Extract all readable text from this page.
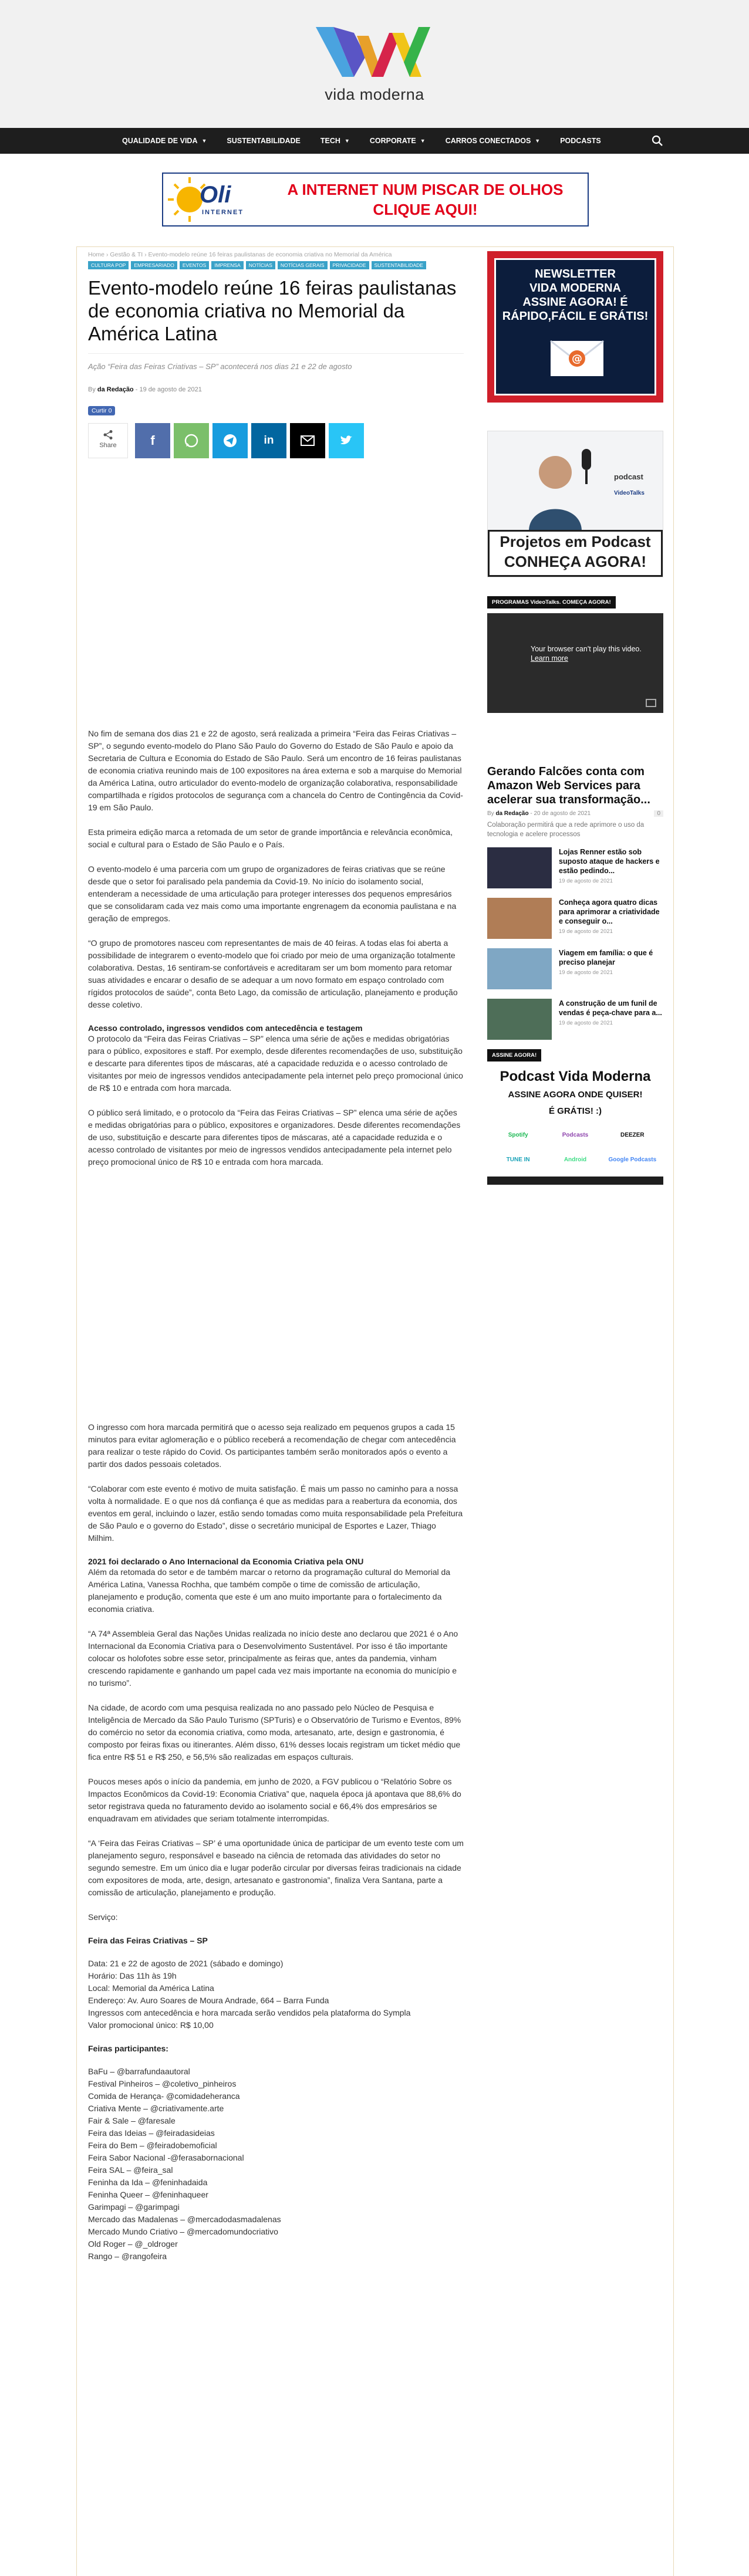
vida moderna
QUALIDADE DE VIDA ▼	SUSTENTABILIDADE	TECH ▼	CORPORATE ▼	CARROS CONECTADOS ▼	PODCASTS
Oli
INTERNET
A INTERNET NUM PISCAR DE OLHOS
CLIQUE AQUI!
Home › Gestão & TI › Evento-modelo reúne 16 feiras paulistanas de economia criativa no Memorial da América
CULTURA POP	EMPRESARIADO	EVENTOS	IMPRENSA	NOTÍCIAS	NOTÍCIAS GERAIS	PRIVACIDADE	SUSTENTABILIDADE
Evento-modelo reúne 16 feiras paulistanas de economia criativa no Memorial da América Latina
Ação “Feira das Feiras Criativas – SP” acontecerá nos dias 21 e 22 de agosto
By da Redação - 19 de agosto de 2021
Curtir 0
Share	f	in

No fim de semana dos dias 21 e 22 de agosto, será realizada a primeira “Feira das Feiras Criativas – SP”, o segundo evento-modelo do Plano São Paulo do Governo do Estado de São Paulo e apoio da Secretaria de Cultura e Economia do Estado de São Paulo. Será um encontro de 16 feiras paulistanas de economia criativa reunindo mais de 100 expositores na área externa e sob a marquise do Memorial da América Latina, outro articulador do evento-modelo de organização colaborativa, responsabilidade compartilhada e rígidos protocolos de segurança com a chancela do Centro de Contingência da Covid-19 em São Paulo.

Esta primeira edição marca a retomada de um setor de grande importância e relevância econômica, social e cultural para o Estado de São Paulo e o País.

O evento-modelo é uma parceria com um grupo de organizadores de feiras criativas que se reúne desde que o setor foi paralisado pela pandemia da Covid-19. No início do isolamento social, entenderam a necessidade de uma articulação para proteger interesses dos pequenos empresários que se consolidaram cada vez mais como uma importante engrenagem da economia paulistana e na geração de empregos.

“O grupo de promotores nasceu com representantes de mais de 40 feiras. A todas elas foi aberta a possibilidade de integrarem o evento-modelo que foi criado por meio de uma organização totalmente colaborativa. Destas, 16 sentiram-se confortáveis e acreditaram ser um bom momento para retomar suas atividades e encarar o desafio de se adequar a um novo formato em espaço controlado com rígidos protocolos de saúde”, conta Beto Lago, da comissão de articulação, planejamento e produção desse coletivo.

Acesso controlado, ingressos vendidos com antecedência e testagem

O protocolo da “Feira das Feiras Criativas – SP” elenca uma série de ações e medidas obrigatórias para o público, expositores e staff. Por exemplo, desde diferentes recomendações de uso, substituição e descarte para diferentes tipos de máscaras, até a capacidade reduzida e o acesso controlado de visitantes por meio de ingressos vendidos antecipadamente pela internet pelo preço promocional único de R$ 10 e entrada com hora marcada.

O público será limitado, e o protocolo da “Feira das Feiras Criativas – SP” elenca uma série de ações e medidas obrigatórias para o público, expositores e organizadores. Desde diferentes recomendações de uso, substituição e descarte para diferentes tipos de máscaras, até a capacidade reduzida e o acesso controlado de visitantes por meio de ingressos vendidos antecipadamente pela internet pelo preço promocional único de R$ 10 e entrada com hora marcada.

O ingresso com hora marcada permitirá que o acesso seja realizado em pequenos grupos a cada 15 minutos para evitar aglomeração e o público receberá a recomendação de chegar com antecedência para realizar o teste rápido do Covid. Os participantes também serão monitorados após o evento a partir dos dados pessoais coletados.

“Colaborar com este evento é motivo de muita satisfação. É mais um passo no caminho para a nossa volta à normalidade. E o que nos dá confiança é que as medidas para a reabertura da economia, dos eventos em geral, incluindo o lazer, estão sendo tomadas como muita responsabilidade pela Prefeitura de São Paulo e o governo do Estado”, disse o secretário municipal de Esportes e Lazer, Thiago Milhim.

2021 foi declarado o Ano Internacional da Economia Criativa pela ONU

Além da retomada do setor e de também marcar o retorno da programação cultural do Memorial da América Latina, Vanessa Rochha, que também compõe o time de comissão de articulação, planejamento e produção, comenta que este é um ano muito importante para o fortalecimento da economia criativa.

“A 74ª Assembleia Geral das Nações Unidas realizada no início deste ano declarou que 2021 é o Ano Internacional da Economia Criativa para o Desenvolvimento Sustentável. Por isso é tão importante colocar os holofotes sobre esse setor, principalmente as feiras que, antes da pandemia, vinham crescendo rapidamente e ganhando um papel cada vez mais importante na economia do município e no turismo”.

Na cidade, de acordo com uma pesquisa realizada no ano passado pelo Núcleo de Pesquisa e Inteligência de Mercado da São Paulo Turismo (SPTuris) e o Observatório de Turismo e Eventos, 89% do comércio no setor da economia criativa, como moda, artesanato, arte, design e gastronomia, é composto por feiras fixas ou itinerantes. Além disso, 61% desses locais registram um ticket médio que fica entre R$ 51 e R$ 250, e 56,5% são realizadas em espaços culturais.

Poucos meses após o início da pandemia, em junho de 2020, a FGV publicou o “Relatório Sobre os Impactos Econômicos da Covid-19: Economia Criativa” que, naquela época já apontava que 88,6% do setor registrava queda no faturamento devido ao isolamento social e 66,4% dos empresários se enquadravam em atividades que seriam totalmente interrompidas.

“A ‘Feira das Feiras Criativas – SP’ é uma oportunidade única de participar de um evento teste com um planejamento seguro, responsável e baseado na ciência de retomada das atividades do setor no segundo semestre. Em um único dia e lugar poderão circular por diversas feiras tradicionais na cidade com expositores de moda, arte, design, artesanato e gastronomia”, finaliza Vera Santana, parte a comissão de articulação, planejamento e produção.

Serviço:

Feira das Feiras Criativas – SP
Data: 21 e 22 de agosto de 2021 (sábado e domingo)
Horário: Das 11h às 19h
Local: Memorial da América Latina
Endereço: Av. Auro Soares de Moura Andrade, 664 – Barra Funda
Ingressos com antecedência e hora marcada serão vendidos pela plataforma do Sympla
Valor promocional único: R$ 10,00
Feiras participantes:
BaFu – @barrafundaautoral
Festival Pinheiros – @coletivo_pinheiros
Comida de Herança- @comidadeheranca
Criativa Mente – @criativamente.arte
Fair & Sale – @faresale
Feira das Ideias – @feiradasideias
Feira do Bem – @feiradobemoficial
Feira Sabor Nacional -@ferasabornacional
Feira SAL – @feira_sal
Feninha da Ida – @feninhadaida
Feninha Queer – @feninhaqueer
Garimpagi – @garimpagi
Mercado das Madalenas – @mercadodasmadalenas
Mercado Mundo Criativo – @mercadomundocriativo
Old Roger – @_oldroger
Rango – @rangofeira
NEWSLETTER
VIDA MODERNA
ASSINE AGORA! É
RÁPIDO,FÁCIL E GRÁTIS!
@
podcast
VideoTalks
Projetos em Podcast
CONHEÇA AGORA!
PROGRAMAS VideoTalks. COMEÇA AGORA!
Your browser can't play this video.
Learn more
Gerando Falcões conta com Amazon Web Services para acelerar sua transformação...
By da Redação - 20 de agosto de 2021	0
Colaboração permitirá que a rede aprimore o uso da tecnologia e acelere processos
Lojas Renner estão sob suposto ataque de hackers e estão pedindo...
19 de agosto de 2021
Conheça agora quatro dicas para aprimorar a criatividade e conseguir o...
19 de agosto de 2021
Viagem em família: o que é preciso planejar
19 de agosto de 2021
A construção de um funil de vendas é peça-chave para a...
19 de agosto de 2021
ASSINE AGORA!
Podcast Vida Moderna
ASSINE AGORA ONDE QUISER!
É GRÁTIS! :)
Spotify	Podcasts	DEEZER
TUNE IN	Android	Google Podcasts
